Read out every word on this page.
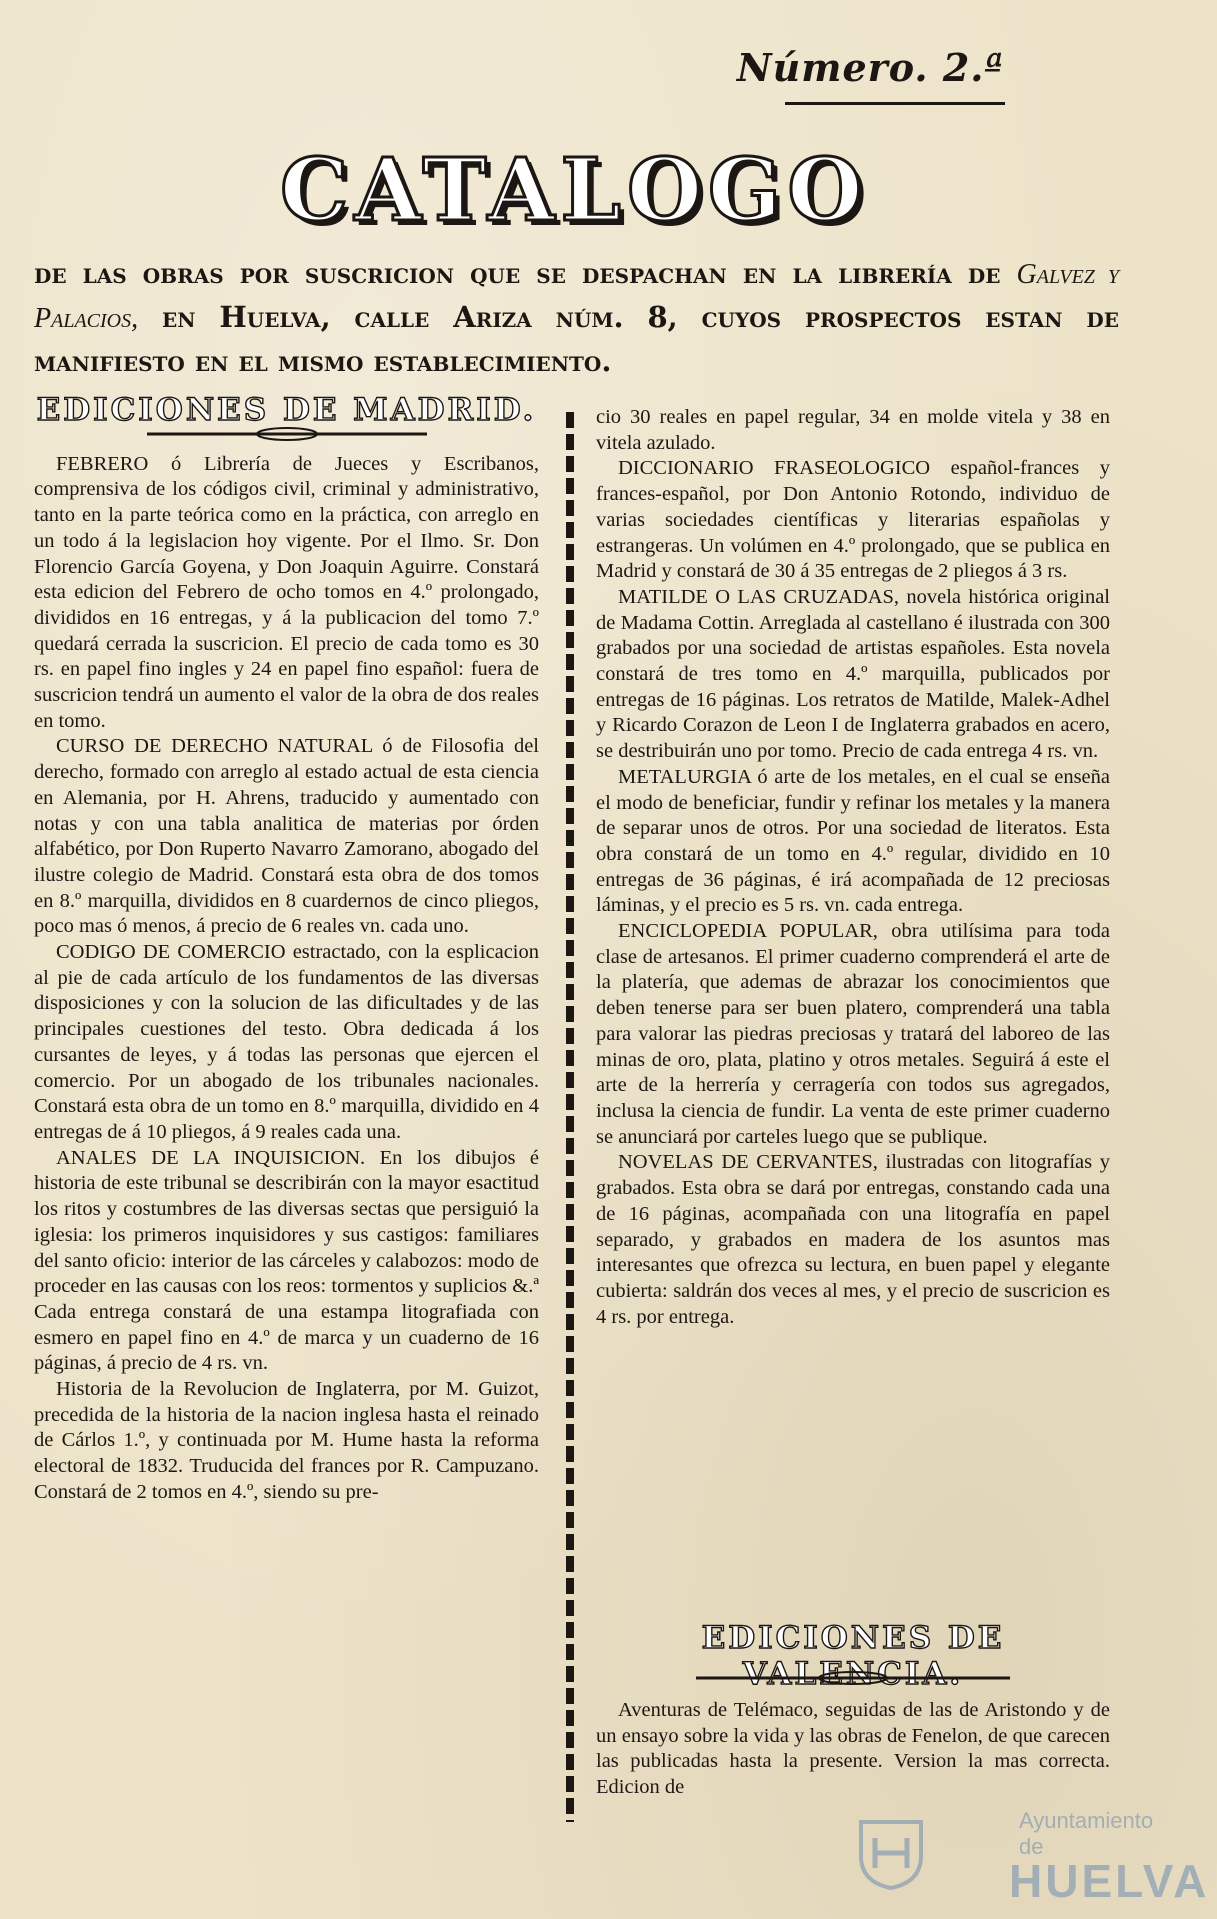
Número. 2.ª
CATALOGO
de las obras por suscricion que se despachan en la librería de Galvez y Palacios, en Huelva, calle Ariza núm. 8, cuyos prospectos estan de manifiesto en el mismo establecimiento.

EDICIONES DE MADRID.

FEBRERO ó Librería de Jueces y Escribanos, comprensiva de los códigos civil, criminal y administrativo, tanto en la parte teórica como en la práctica, con arreglo en un todo á la legislacion hoy vigente. Por el Ilmo. Sr. Don Florencio García Goyena, y Don Joaquin Aguirre. Constará esta edicion del Febrero de ocho tomos en 4.º prolongado, divididos en 16 entregas, y á la publicacion del tomo 7.º quedará cerrada la suscricion. El precio de cada tomo es 30 rs. en papel fino ingles y 24 en papel fino español: fuera de suscricion tendrá un aumento el valor de la obra de dos reales en tomo.

CURSO DE DERECHO NATURAL ó de Filosofia del derecho, formado con arreglo al estado actual de esta ciencia en Alemania, por H. Ahrens, traducido y aumentado con notas y con una tabla analitica de materias por órden alfabético, por Don Ruperto Navarro Zamorano, abogado del ilustre colegio de Madrid. Constará esta obra de dos tomos en 8.º marquilla, divididos en 8 cuardernos de cinco pliegos, poco mas ó menos, á precio de 6 reales vn. cada uno.

CODIGO DE COMERCIO estractado, con la esplicacion al pie de cada artículo de los fundamentos de las diversas disposiciones y con la solucion de las dificultades y de las principales cuestiones del testo. Obra dedicada á los cursantes de leyes, y á todas las personas que ejercen el comercio. Por un abogado de los tribunales nacionales. Constará esta obra de un tomo en 8.º marquilla, dividido en 4 entregas de á 10 pliegos, á 9 reales cada una.

ANALES DE LA INQUISICION. En los dibujos é historia de este tribunal se describirán con la mayor esactitud los ritos y costumbres de las diversas sectas que persiguió la iglesia: los primeros inquisidores y sus castigos: familiares del santo oficio: interior de las cárceles y calabozos: modo de proceder en las causas con los reos: tormentos y suplicios &.ª Cada entrega constará de una estampa litografiada con esmero en papel fino en 4.º de marca y un cuaderno de 16 páginas, á precio de 4 rs. vn.

Historia de la Revolucion de Inglaterra, por M. Guizot, precedida de la historia de la nacion inglesa hasta el reinado de Cárlos 1.º, y continuada por M. Hume hasta la reforma electoral de 1832. Truducida del frances por R. Campuzano. Constará de 2 tomos en 4.º, siendo su pre-

cio 30 reales en papel regular, 34 en molde vitela y 38 en vitela azulado.

DICCIONARIO FRASEOLOGICO español-frances y frances-español, por Don Antonio Rotondo, individuo de varias sociedades científicas y literarias españolas y estrangeras. Un volúmen en 4.º prolongado, que se publica en Madrid y constará de 30 á 35 entregas de 2 pliegos á 3 rs.

MATILDE O LAS CRUZADAS, novela histórica original de Madama Cottin. Arreglada al castellano é ilustrada con 300 grabados por una sociedad de artistas españoles. Esta novela constará de tres tomo en 4.º marquilla, publicados por entregas de 16 páginas. Los retratos de Matilde, Malek-Adhel y Ricardo Corazon de Leon I de Inglaterra grabados en acero, se destribuirán uno por tomo. Precio de cada entrega 4 rs. vn.

METALURGIA ó arte de los metales, en el cual se enseña el modo de beneficiar, fundir y refinar los metales y la manera de separar unos de otros. Por una sociedad de literatos. Esta obra constará de un tomo en 4.º regular, dividido en 10 entregas de 36 páginas, é irá acompañada de 12 preciosas láminas, y el precio es 5 rs. vn. cada entrega.

ENCICLOPEDIA POPULAR, obra utilísima para toda clase de artesanos. El primer cuaderno comprenderá el arte de la platería, que ademas de abrazar los conocimientos que deben tenerse para ser buen platero, comprenderá una tabla para valorar las piedras preciosas y tratará del laboreo de las minas de oro, plata, platino y otros metales. Seguirá á este el arte de la herrería y cerragería con todos sus agregados, inclusa la ciencia de fundir. La venta de este primer cuaderno se anunciará por carteles luego que se publique.

NOVELAS DE CERVANTES, ilustradas con litografías y grabados. Esta obra se dará por entregas, constando cada una de 16 páginas, acompañada con una litografía en papel separado, y grabados en madera de los asuntos mas interesantes que ofrezca su lectura, en buen papel y elegante cubierta: saldrán dos veces al mes, y el precio de suscricion es 4 rs. por entrega.

EDICIONES DE VALENCIA.

Aventuras de Telémaco, seguidas de las de Aristondo y de un ensayo sobre la vida y las obras de Fenelon, de que carecen las publicadas hasta la presente. Version la mas correcta. Edicion de

Ayuntamiento de
HUELVA
